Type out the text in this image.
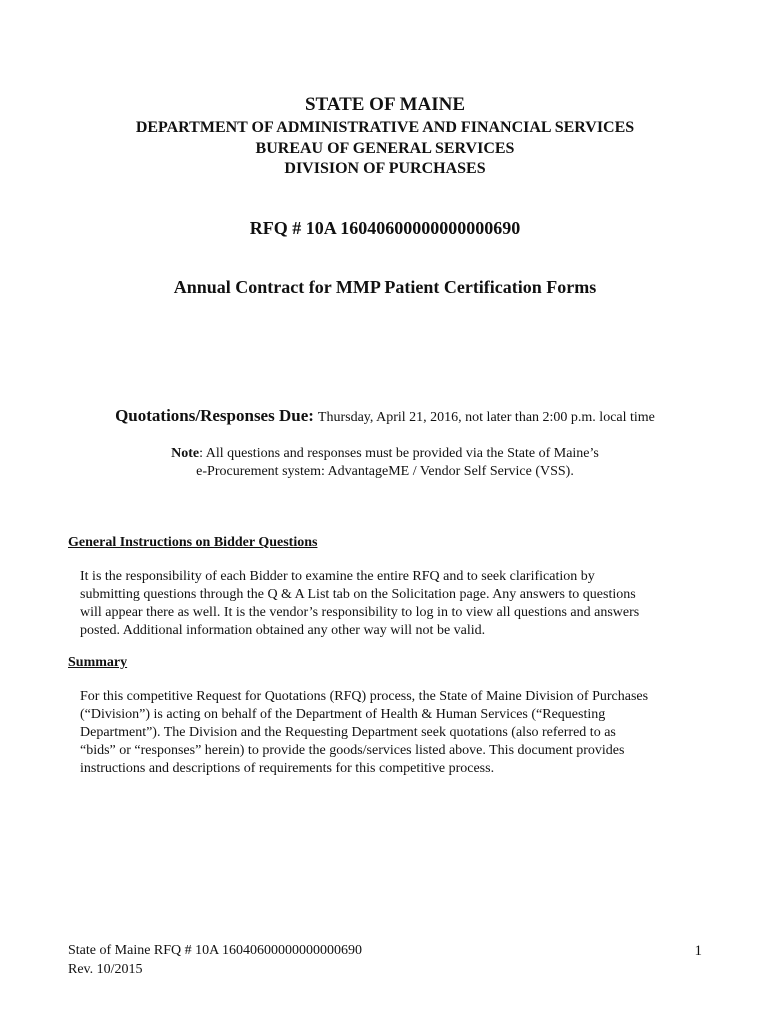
STATE OF MAINE
DEPARTMENT OF ADMINISTRATIVE AND FINANCIAL SERVICES
BUREAU OF GENERAL SERVICES
DIVISION OF PURCHASES
RFQ # 10A 16040600000000000690
Annual Contract for MMP Patient Certification Forms
Quotations/Responses Due: Thursday, April 21, 2016, not later than 2:00 p.m. local time
Note: All questions and responses must be provided via the State of Maine’s
e-Procurement system: AdvantageME / Vendor Self Service (VSS).
General Instructions on Bidder Questions
It is the responsibility of each Bidder to examine the entire RFQ and to seek clarification by
submitting questions through the Q & A List tab on the Solicitation page. Any answers to questions
will appear there as well. It is the vendor’s responsibility to log in to view all questions and answers
posted. Additional information obtained any other way will not be valid.
Summary
For this competitive Request for Quotations (RFQ) process, the State of Maine Division of Purchases
(“Division”) is acting on behalf of the Department of Health & Human Services (“Requesting
Department”). The Division and the Requesting Department seek quotations (also referred to as
“bids” or “responses” herein) to provide the goods/services listed above. This document provides
instructions and descriptions of requirements for this competitive process.
State of Maine RFQ # 10A 16040600000000000690
Rev. 10/2015
1
